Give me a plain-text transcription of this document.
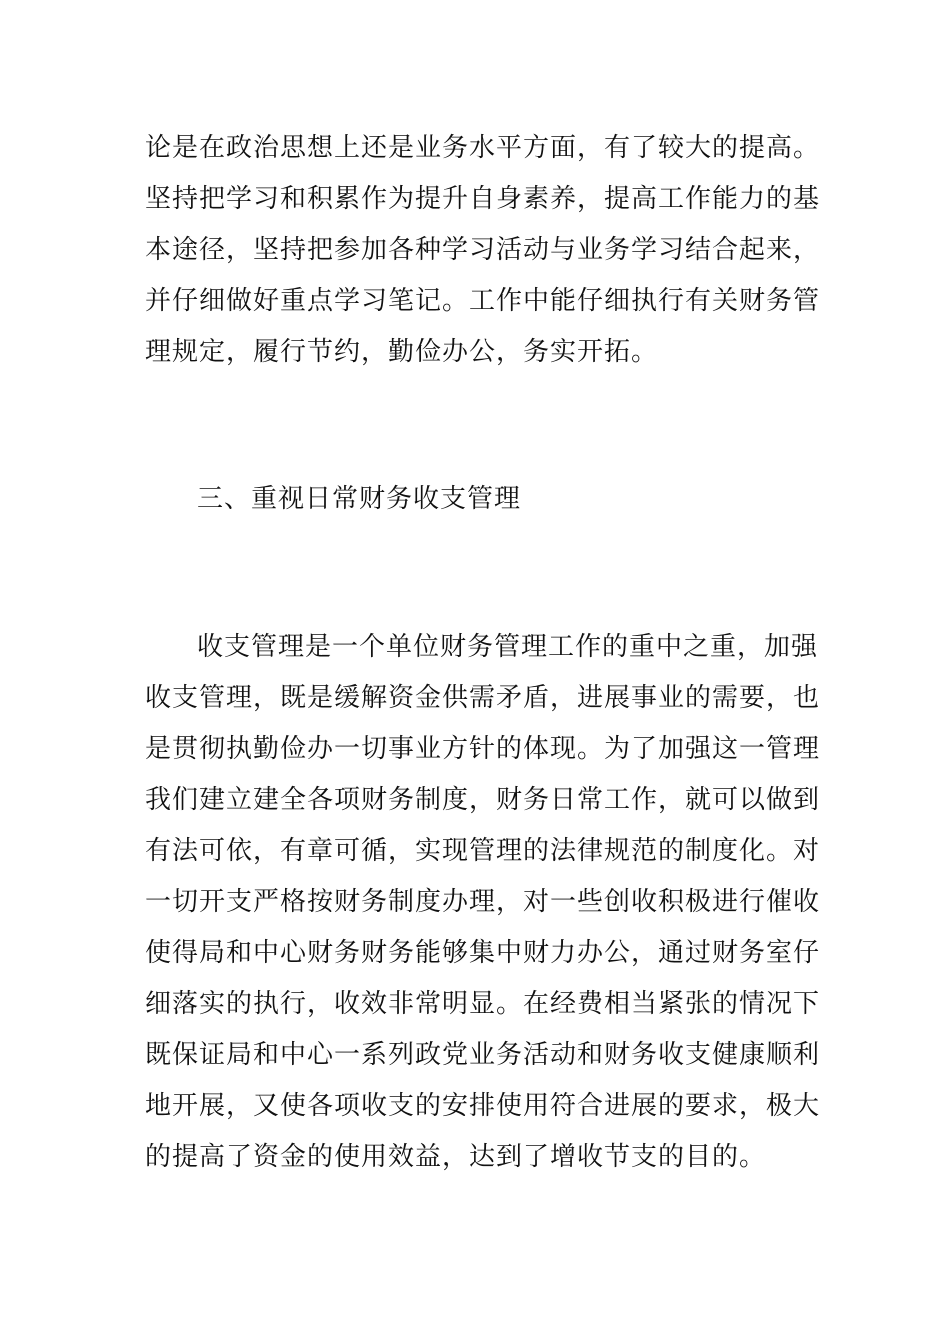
论是在政治思想上还是业务水平方面，有了较大的提高。
坚持把学习和积累作为提升自身素养，提高工作能力的基
本途径，坚持把参加各种学习活动与业务学习结合起来，
并仔细做好重点学习笔记。工作中能仔细执行有关财务管
理规定，履行节约，勤俭办公，务实开拓。
三、重视日常财务收支管理
收支管理是一个单位财务管理工作的重中之重，加强
收支管理，既是缓解资金供需矛盾，进展事业的需要，也
是贯彻执勤俭办一切事业方针的体现。为了加强这一管理
我们建立建全各项财务制度，财务日常工作，就可以做到
有法可依，有章可循，实现管理的法律规范的制度化。对
一切开支严格按财务制度办理，对一些创收积极进行催收
使得局和中心财务财务能够集中财力办公，通过财务室仔
细落实的执行，收效非常明显。在经费相当紧张的情况下
既保证局和中心一系列政党业务活动和财务收支健康顺利
地开展，又使各项收支的安排使用符合进展的要求，极大
的提高了资金的使用效益，达到了增收节支的目的。
